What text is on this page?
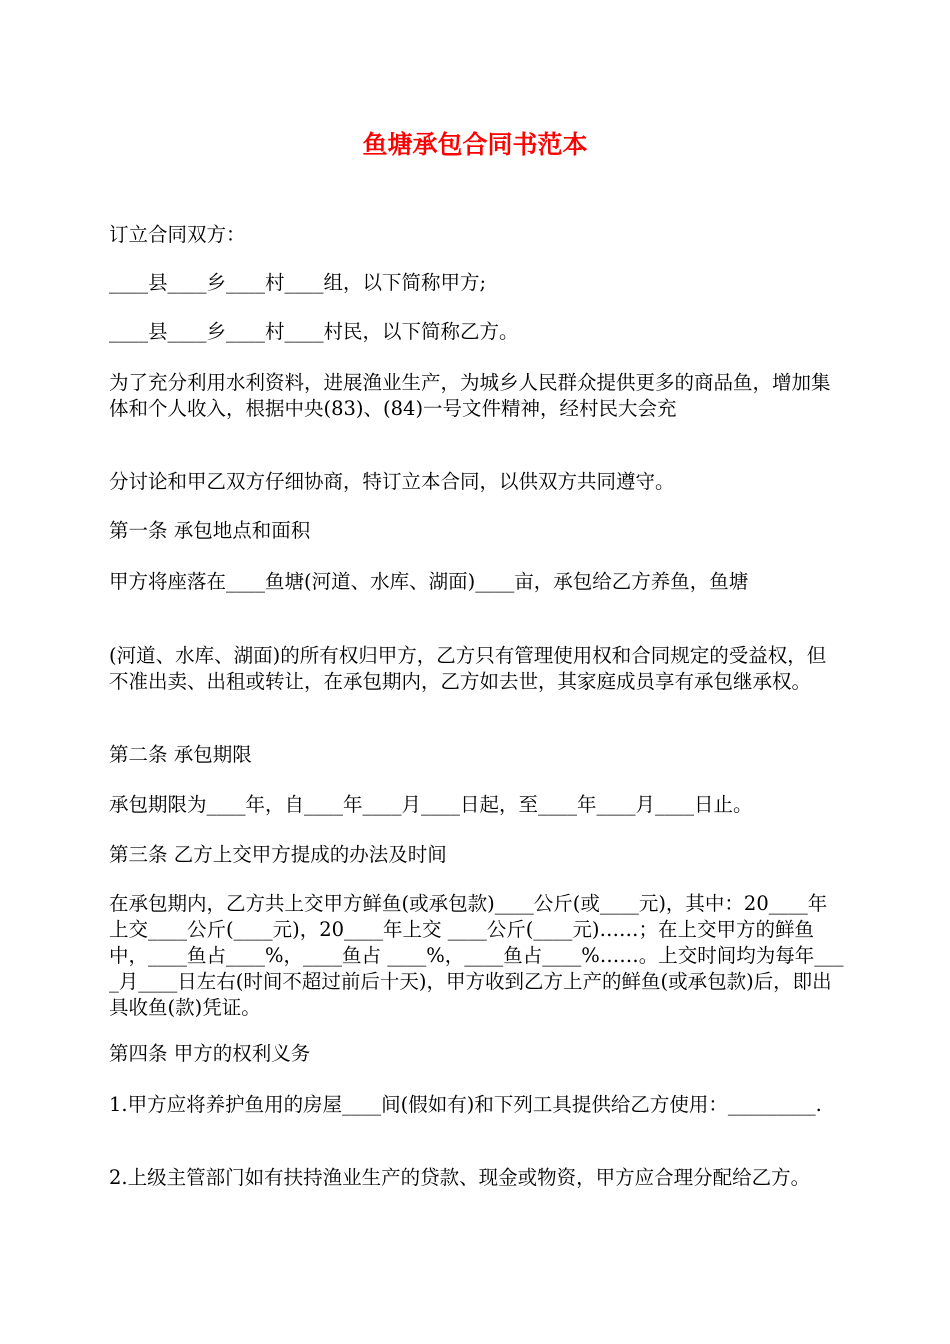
鱼塘承包合同书范本

订立合同双方：

____县____乡____村____组，以下简称甲方;

____县____乡____村____村民，以下简称乙方。

为了充分利用水利资料，进展渔业生产，为城乡人民群众提供更多的商品鱼，增加集体和个人收入，根据中央(83)、(84)一号文件精神，经村民大会充

分讨论和甲乙双方仔细协商，特订立本合同，以供双方共同遵守。

第一条 承包地点和面积

甲方将座落在____鱼塘(河道、水库、湖面)____亩，承包给乙方养鱼，鱼塘

(河道、水库、湖面)的所有权归甲方，乙方只有管理使用权和合同规定的受益权，但不准出卖、出租或转让，在承包期内，乙方如去世，其家庭成员享有承包继承权。

第二条 承包期限

承包期限为____年，自____年____月____日起，至____年____月____日止。

第三条 乙方上交甲方提成的办法及时间

在承包期内，乙方共上交甲方鲜鱼(或承包款)____公斤(或____元)，其中：20____年上交____公斤(____元)，20____年上交 ____公斤(____元)……；在上交甲方的鲜鱼中，____鱼占____%，____鱼占 ____%，____鱼占____%……。上交时间均为每年____月____日左右(时间不超过前后十天)，甲方收到乙方上产的鲜鱼(或承包款)后，即出具收鱼(款)凭证。

第四条 甲方的权利义务

1.甲方应将养护鱼用的房屋____间(假如有)和下列工具提供给乙方使用：_________.

2.上级主管部门如有扶持渔业生产的贷款、现金或物资，甲方应合理分配给乙方。
